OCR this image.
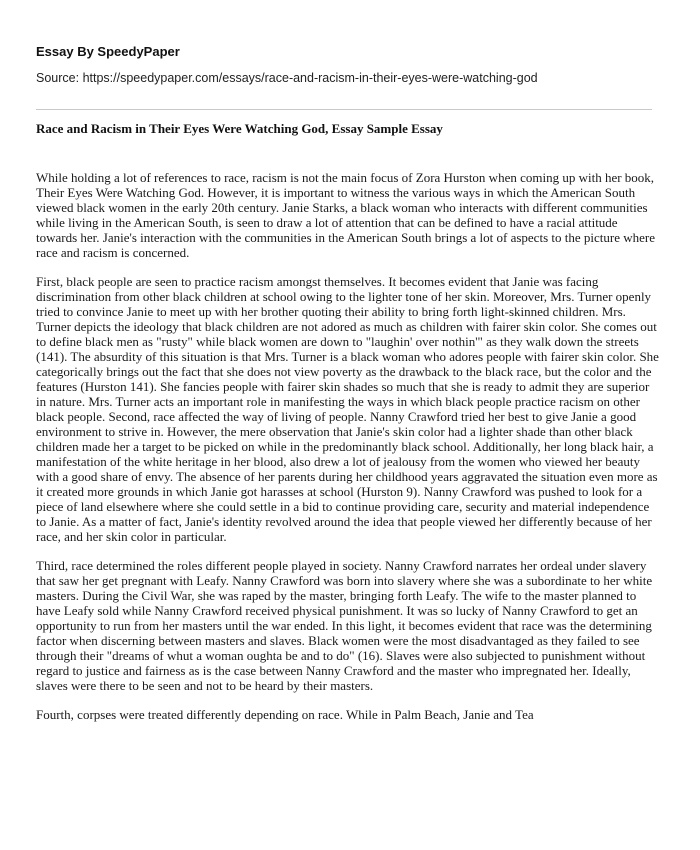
Essay By SpeedyPaper

Source: https://speedypaper.com/essays/race-and-racism-in-their-eyes-were-watching-god

Race and Racism in Their Eyes Were Watching God, Essay Sample Essay

While holding a lot of references to race, racism is not the main focus of Zora Hurston when coming up with her book, Their Eyes Were Watching God. However, it is important to witness the various ways in which the American South viewed black women in the early 20th century. Janie Starks, a black woman who interacts with different communities while living in the American South, is seen to draw a lot of attention that can be defined to have a racial attitude towards her. Janie's interaction with the communities in the American South brings a lot of aspects to the picture where race and racism is concerned.

First, black people are seen to practice racism amongst themselves. It becomes evident that Janie was facing discrimination from other black children at school owing to the lighter tone of her skin. Moreover, Mrs. Turner openly tried to convince Janie to meet up with her brother quoting their ability to bring forth light-skinned children. Mrs. Turner depicts the ideology that black children are not adored as much as children with fairer skin color. She comes out to define black men as "rusty" while black women are down to "laughin' over nothin'" as they walk down the streets (141). The absurdity of this situation is that Mrs. Turner is a black woman who adores people with fairer skin color. She categorically brings out the fact that she does not view poverty as the drawback to the black race, but the color and the features (Hurston 141). She fancies people with fairer skin shades so much that she is ready to admit they are superior in nature. Mrs. Turner acts an important role in manifesting the ways in which black people practice racism on other black people. Second, race affected the way of living of people. Nanny Crawford tried her best to give Janie a good environment to strive in. However, the mere observation that Janie's skin color had a lighter shade than other black children made her a target to be picked on while in the predominantly black school. Additionally, her long black hair, a manifestation of the white heritage in her blood, also drew a lot of jealousy from the women who viewed her beauty with a good share of envy. The absence of her parents during her childhood years aggravated the situation even more as it created more grounds in which Janie got harasses at school (Hurston 9). Nanny Crawford was pushed to look for a piece of land elsewhere where she could settle in a bid to continue providing care, security and material independence to Janie. As a matter of fact, Janie's identity revolved around the idea that people viewed her differently because of her race, and her skin color in particular.

Third, race determined the roles different people played in society. Nanny Crawford narrates her ordeal under slavery that saw her get pregnant with Leafy. Nanny Crawford was born into slavery where she was a subordinate to her white masters. During the Civil War, she was raped by the master, bringing forth Leafy. The wife to the master planned to have Leafy sold while Nanny Crawford received physical punishment. It was so lucky of Nanny Crawford to get an opportunity to run from her masters until the war ended. In this light, it becomes evident that race was the determining factor when discerning between masters and slaves. Black women were the most disadvantaged as they failed to see through their "dreams of whut a woman oughta be and to do" (16). Slaves were also subjected to punishment without regard to justice and fairness as is the case between Nanny Crawford and the master who impregnated her. Ideally, slaves were there to be seen and not to be heard by their masters.

Fourth, corpses were treated differently depending on race. While in Palm Beach, Janie and Tea
